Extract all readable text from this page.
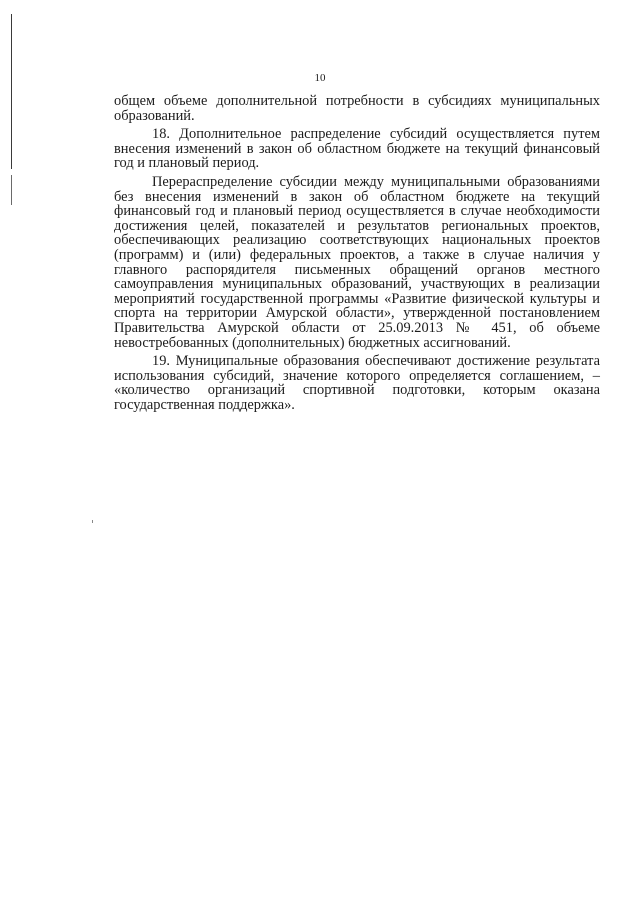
10

общем объеме дополнительной потребности в субсидиях муниципальных образований.

18. Дополнительное распределение субсидий осуществляется путем внесения изменений в закон об областном бюджете на текущий финансовый год и плановый период.

Перераспределение субсидии между муниципальными образованиями без внесения изменений в закон об областном бюджете на текущий финансовый год и плановый период осуществляется в случае необходимости достижения целей, показателей и результатов региональных проектов, обеспечивающих реализацию соответствующих национальных проектов (программ) и (или) федеральных проектов, а также в случае наличия у главного распорядителя письменных обращений органов местного самоуправления муниципальных образований, участвующих в реализации мероприятий государственной программы «Развитие физической культуры и спорта на территории Амурской области», утвержденной постановлением Правительства Амурской области от 25.09.2013 № 451, об объеме невостребованных (дополнительных) бюджетных ассигнований.

19. Муниципальные образования обеспечивают достижение результата использования субсидий, значение которого определяется соглашением, – «количество организаций спортивной подготовки, которым оказана государственная поддержка».
